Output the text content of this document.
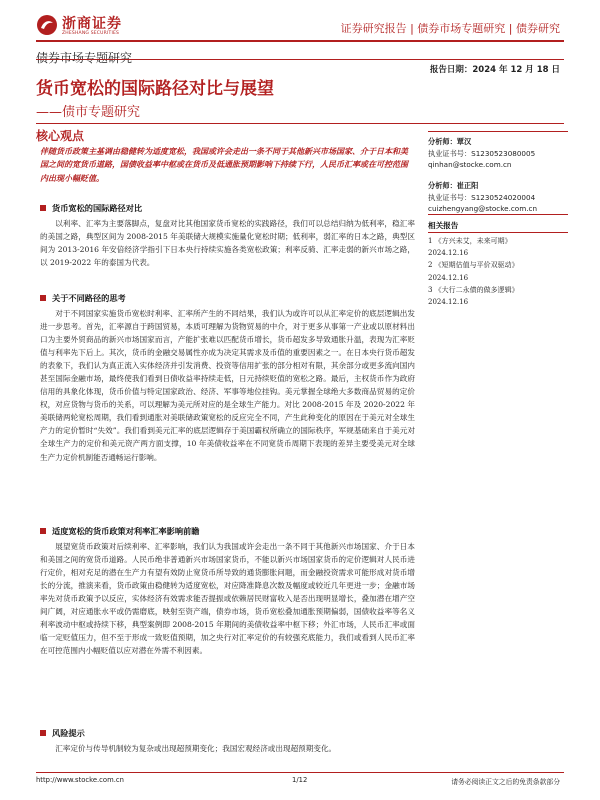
浙商证券
ZHESHANG SECURITIES	证券研究报告 | 债券市场专题研究 | 债券研究
债券市场专题研究
报告日期：2024 年 12 月 18 日
货币宽松的国际路径对比与展望
——债市专题研究
核心观点
伴随货币政策主基调由稳健转为适度宽松，我国或许会走出一条不同于其他新兴市场国家、介于日本和美国之间的宽货币道路，国债收益率中枢或在货币及低通胀预期影响下持续下行，人民币汇率或在可控范围内出现小幅贬值。
货币宽松的国际路径对比
以利率、汇率为主要落脚点，复盘对比其他国家货币宽松的实践路径，我们可以总结归纳为低利率，稳汇率的美国之路，典型区间为 2008-2015 年美联储大规模实施量化宽松时期；低利率，弱汇率的日本之路，典型区间为 2013-2016 年安倍经济学指引下日本央行持续实施各类宽松政策；利率反骑、汇率走弱的新兴市场之路，以 2019-2022 年的泰国为代表。
关于不同路径的思考
对于不同国家实施货币宽松时利率、汇率所产生的不同结果，我们认为或许可以从汇率定价的底层逻辑出发进一步思考。首先，汇率源自于跨国贸易，本质可理解为货物贸易的中介，对于更多从事第一产业或以原材料出口为主要外贸商品的新兴市场国家而言，产能扩张难以匹配货币增长，货币超发多导致通胀升温，表现为汇率贬值与利率先下后上。其次，货币的金融交易属性亦成为决定其需求及币值的重要因素之一。在日本央行货币超发的表象下，我们认为真正流入实体经济并引发消费、投资等信用扩张的部分相对有限，其余部分或更多流向国内甚至国际金融市场，最终使我们看到日债收益率持续走低，日元持续贬值的宽松之路。最后，主权货币作为政府信用的具象化体现，货币价值与特定国家政治、经济、军事等地位挂钩。美元掌握全球绝大多数商品贸易的定价权，对应货物与货币的关系，可以理解为美元所对应的是全球生产能力。对比 2008-2015 年及 2020-2022 年美联储两轮宽松周期，我们看到通胀对美联储政策宽松的反应完全不同，产生此种变化的原因在于美元对全球生产力的定价暂时“失效”。我们看到美元汇率的底层逻辑存于美国霸权所确立的国际秩序，军规基础来自于美元对全球生产力的定价和美元资产两方面支撑，10 年美债收益率在不同宽货币周期下表现的差异主要受美元对全球生产力定价机制能否通畅运行影响。
适度宽松的货币政策对利率汇率影响前瞻
展望宽货币政策对后续利率、汇率影响，我们认为我国或许会走出一条不同于其他新兴市场国家、介于日本和美国之间的宽货币道路。人民币绝非普通新兴市场国家货币，不能以新兴市场国家货币的定价逻辑对人民币进行定价，相对充足的潜在生产力有望有效防止宽货币所导致的通货膨胀问题，而金融投资需求可能形成对货币增长的分流，推演来看，货币政策由稳健转为适度宽松，对应降准降息次数及幅度或较近几年更进一步；金融市场率先对货币政策予以反应，实体经济有效需求能否提振或依赖居民财富收入是否出现明显增长，叠加潜在增产空间广阔，对应通胀水平或仍需磨底，映射至资产端，债券市场，货币宽松叠加通胀预期偏弱，国债收益率等名义利率波动中枢或持续下移，典型案例即 2008-2015 年期间的美债收益率中枢下移；外汇市场，人民币汇率或面临一定贬值压力，但不至于形成一致贬值预期，加之央行对汇率定价的有较强充底能力，我们或看到人民币汇率在可控范围内小幅贬值以应对潜在外需不利因素。
风险提示
汇率定价与传导机制较为复杂或出现超预期变化；我国宏观经济或出现超预期变化。
分析师：覃汉
执业证书号：S1230523080005
qinhan@stocke.com.cn
分析师：崔正阳
执业证书号：S1230524020004
cuizhengyang@stocke.com.cn
相关报告
1 《方兴未艾，未来可期》
2024.12.16
2 《短期估值与平价双驱动》
2024.12.16
3 《大行二永债的做多逻辑》
2024.12.16
http://www.stocke.com.cn	1/12	请务必阅读正文之后的免责条款部分
